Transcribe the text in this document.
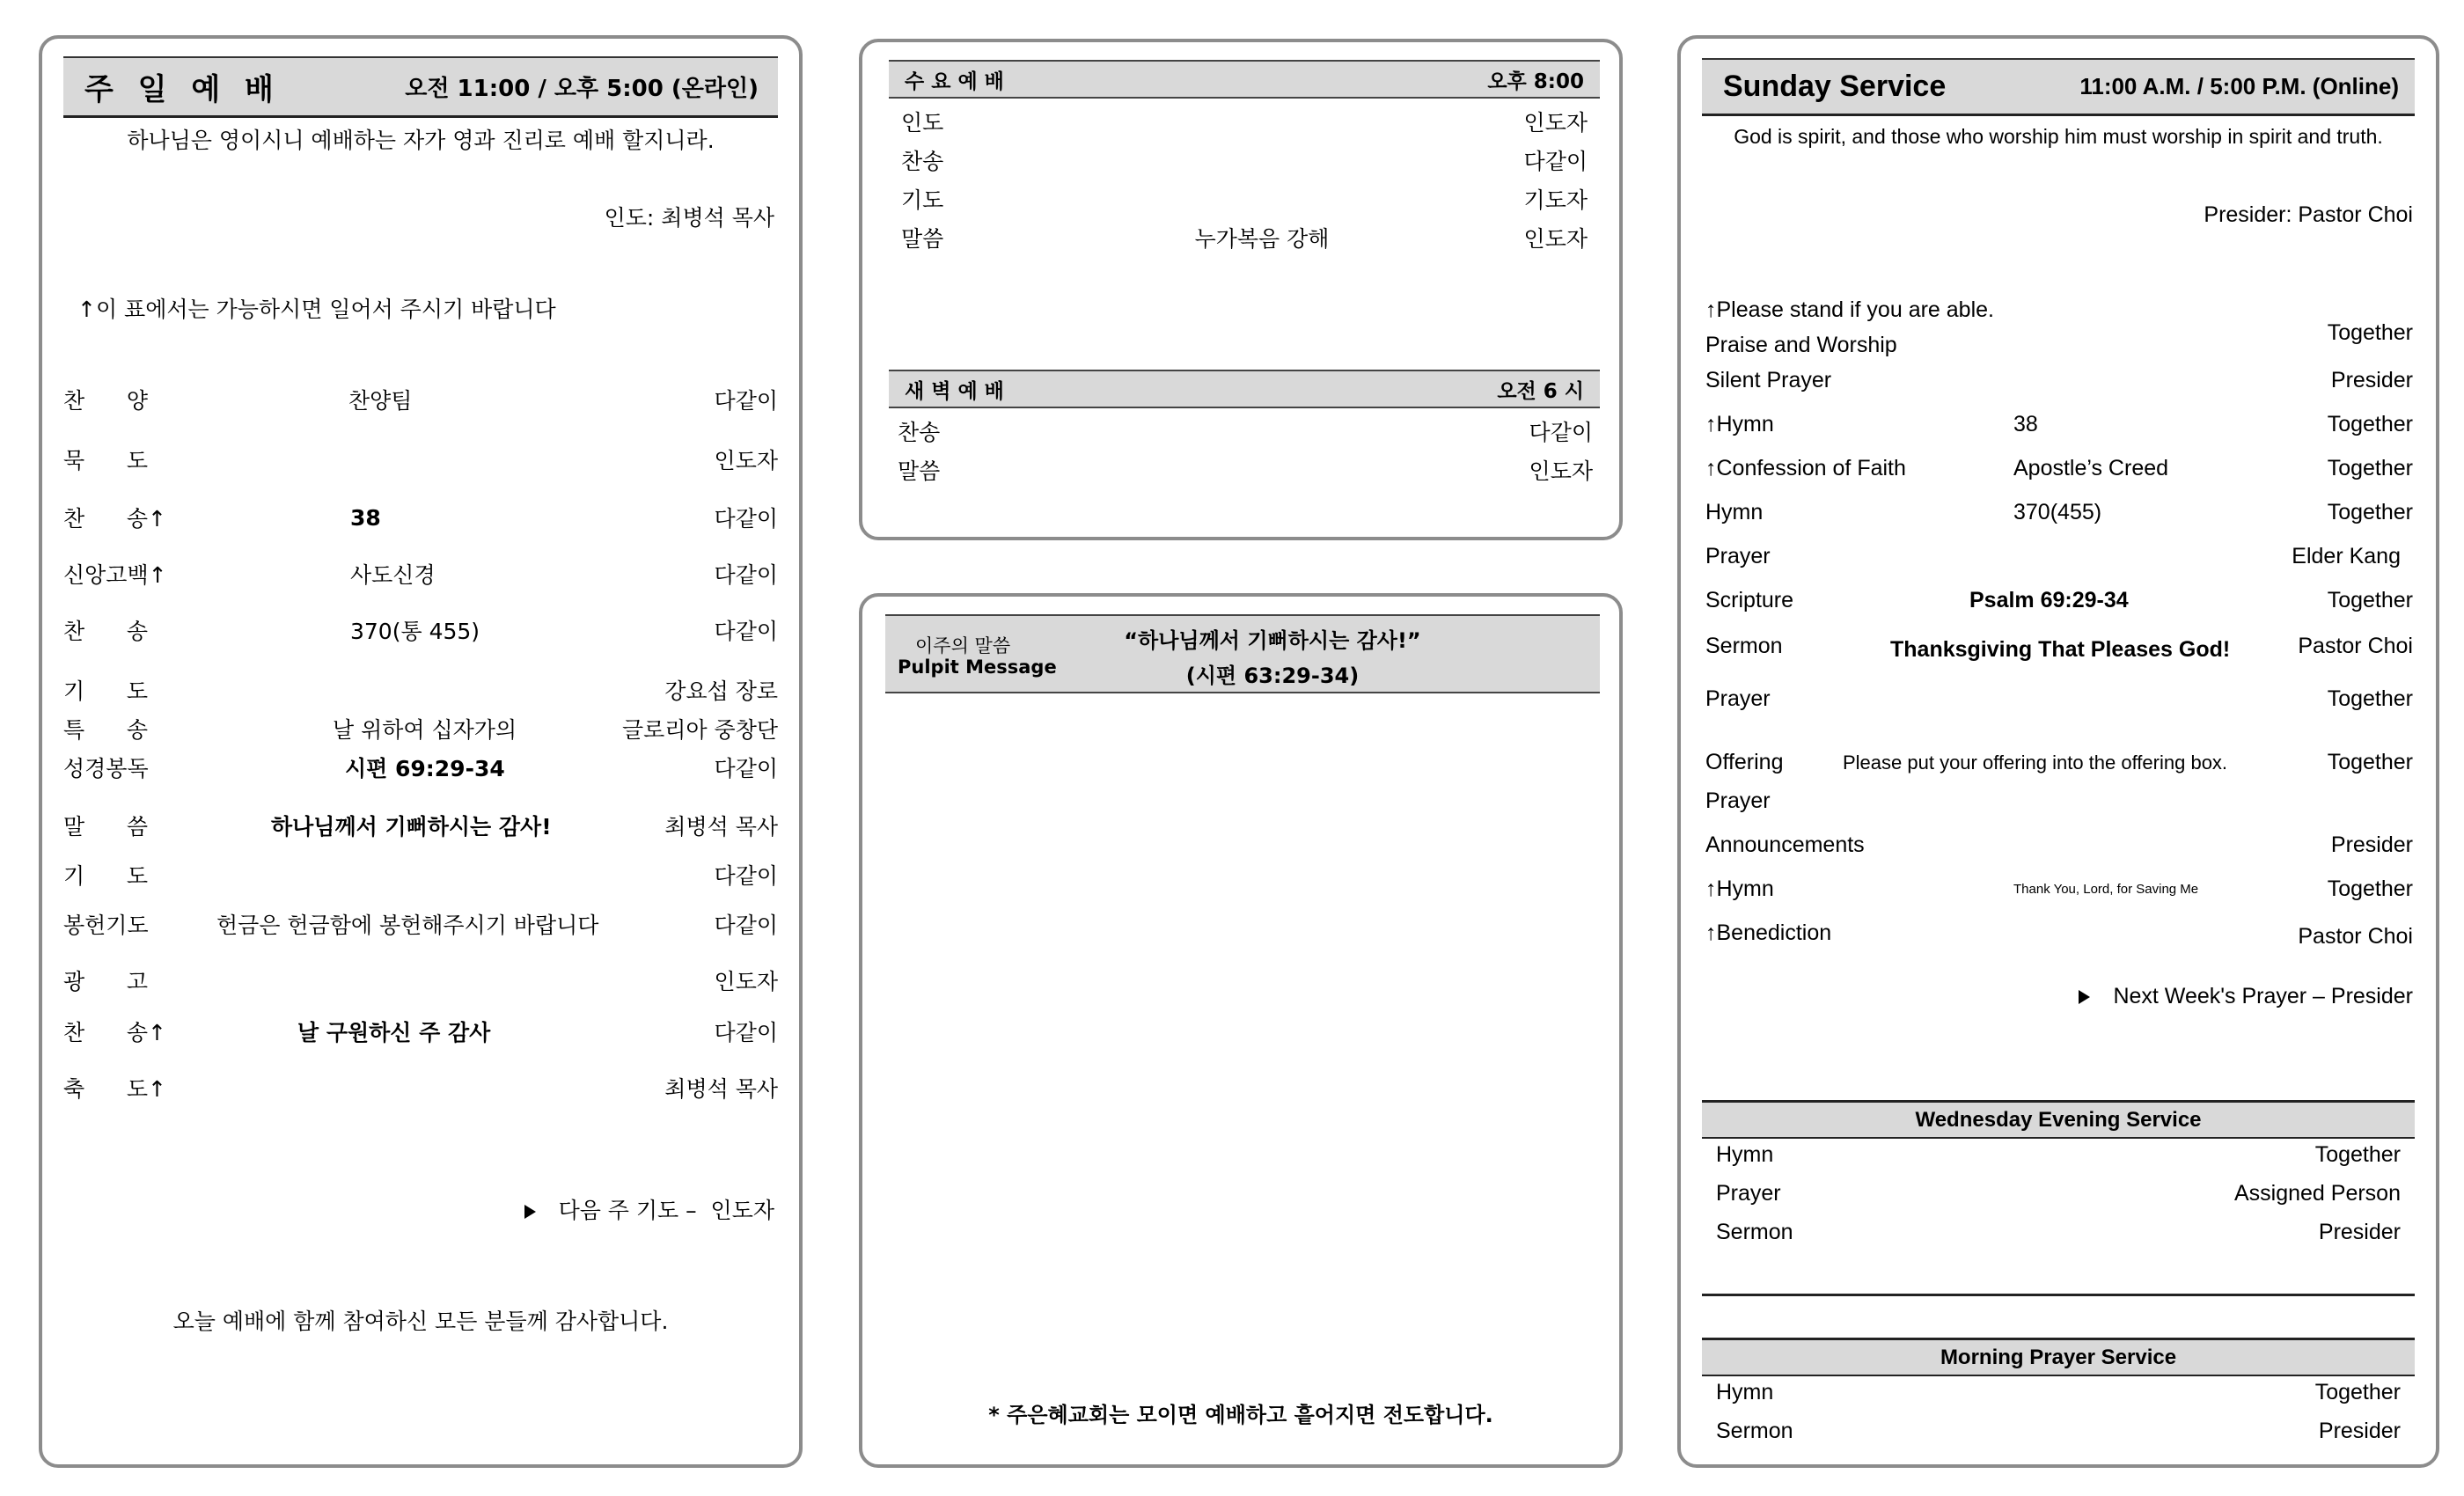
주 일 예 배	오전 11:00 / 오후 5:00 (온라인)
하나님은 영이시니 예배하는 자가 영과 진리로 예배 할지니라.
인도: 최병석 목사
↑이 표에서는 가능하시면 일어서 주시기 바랍니다
찬      양	찬양팀	다같이
묵      도	인도자
찬      송↑	38	다같이
신앙고백↑	사도신경	다같이
찬      송	370(통 455)	다같이
기      도	강요섭 장로
특      송	날 위하여 십자가의	글로리아 중창단
성경봉독	시편 69:29-34	다같이
말      씀	하나님께서 기뻐하시는 감사!	최병석 목사
기      도	다같이
봉헌기도	헌금은 헌금함에 봉헌해주시기 바랍니다	다같이
광      고	인도자
찬      송↑	날 구원하신 주 감사	다같이
축      도↑	최병석 목사
다음 주 기도 –  인도자
오늘 예배에 함께 참여하신 모든 분들께 감사합니다.
수 요 예 배	오후 8:00
인도	인도자
찬송	다같이
기도	기도자
말씀	누가복음 강해	인도자
새 벽 예 배	오전 6 시
찬송	다같이
말씀	인도자
이주의 말씀
Pulpit Message
“하나님께서 기뻐하시는 감사!”
(시편 63:29-34)
* 주은혜교회는 모이면 예배하고 흩어지면 전도합니다.
Sunday Service	11:00 A.M. / 5:00 P.M. (Online)
God is spirit, and those who worship him must worship in spirit and truth.
Presider: Pastor Choi
↑Please stand if you are able.
Praise and Worship	Together
Silent Prayer	Presider
↑Hymn	38	Together
↑Confession of Faith	Apostle’s Creed	Together
Hymn	370(455)	Together
Prayer	Elder Kang
Scripture	Psalm 69:29-34	Together
Sermon	Thanksgiving That Pleases God!	Pastor Choi
Prayer	Together
Offering	Please put your offering into the offering box.	Together
Prayer
Announcements	Presider
↑Hymn	Thank You, Lord, for Saving Me	Together
↑Benediction	Pastor Choi
Next Week's Prayer – Presider
Wednesday Evening Service
Hymn	Together
Prayer	Assigned Person
Sermon	Presider
Morning Prayer Service
Hymn	Together
Sermon	Presider
